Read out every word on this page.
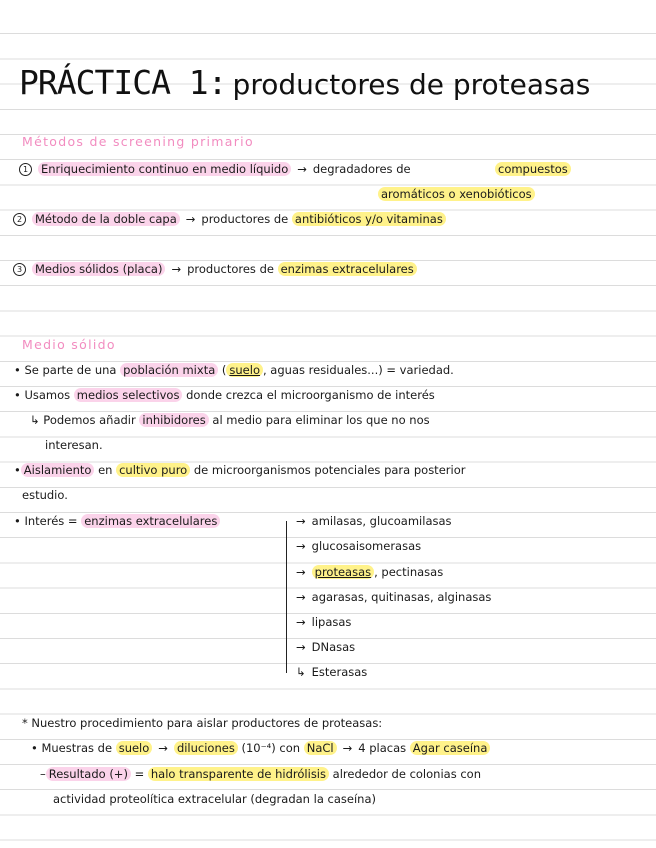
PRÁCTICA 1: productores de proteasas
Métodos de screening primario
1 Enriquecimiento continuo en medio líquido → degradadores de	compuestos
aromáticos o xenobióticos
2 Método de la doble capa → productores de antibióticos y/o vitaminas
3 Medios sólidos (placa) → productores de enzimas extracelulares
Medio sólido
• Se parte de una población mixta ( suelo , aguas residuales...) = variedad.
• Usamos medios selectivos donde crezca el microorganismo de interés
↳ Podemos añadir inhibidores al medio para eliminar los que no nos
interesan.
• Aislamiento en cultivo puro de microorganismos potenciales para posterior
estudio.
• Interés = enzimas extracelulares	→ amilasas, glucoamilasas
→ glucosaisomerasas
→ proteasas , pectinasas
→ agarasas, quitinasas, alginasas
→ lipasas
→ DNasas
↳ Esterasas
* Nuestro procedimiento para aislar productores de proteasas:
• Muestras de suelo → diluciones (10⁻⁴) con NaCl → 4 placas Agar caseína
– Resultado (+) = halo transparente de hidrólisis alrededor de colonias con
actividad proteolítica extracelular (degradan la caseína)
